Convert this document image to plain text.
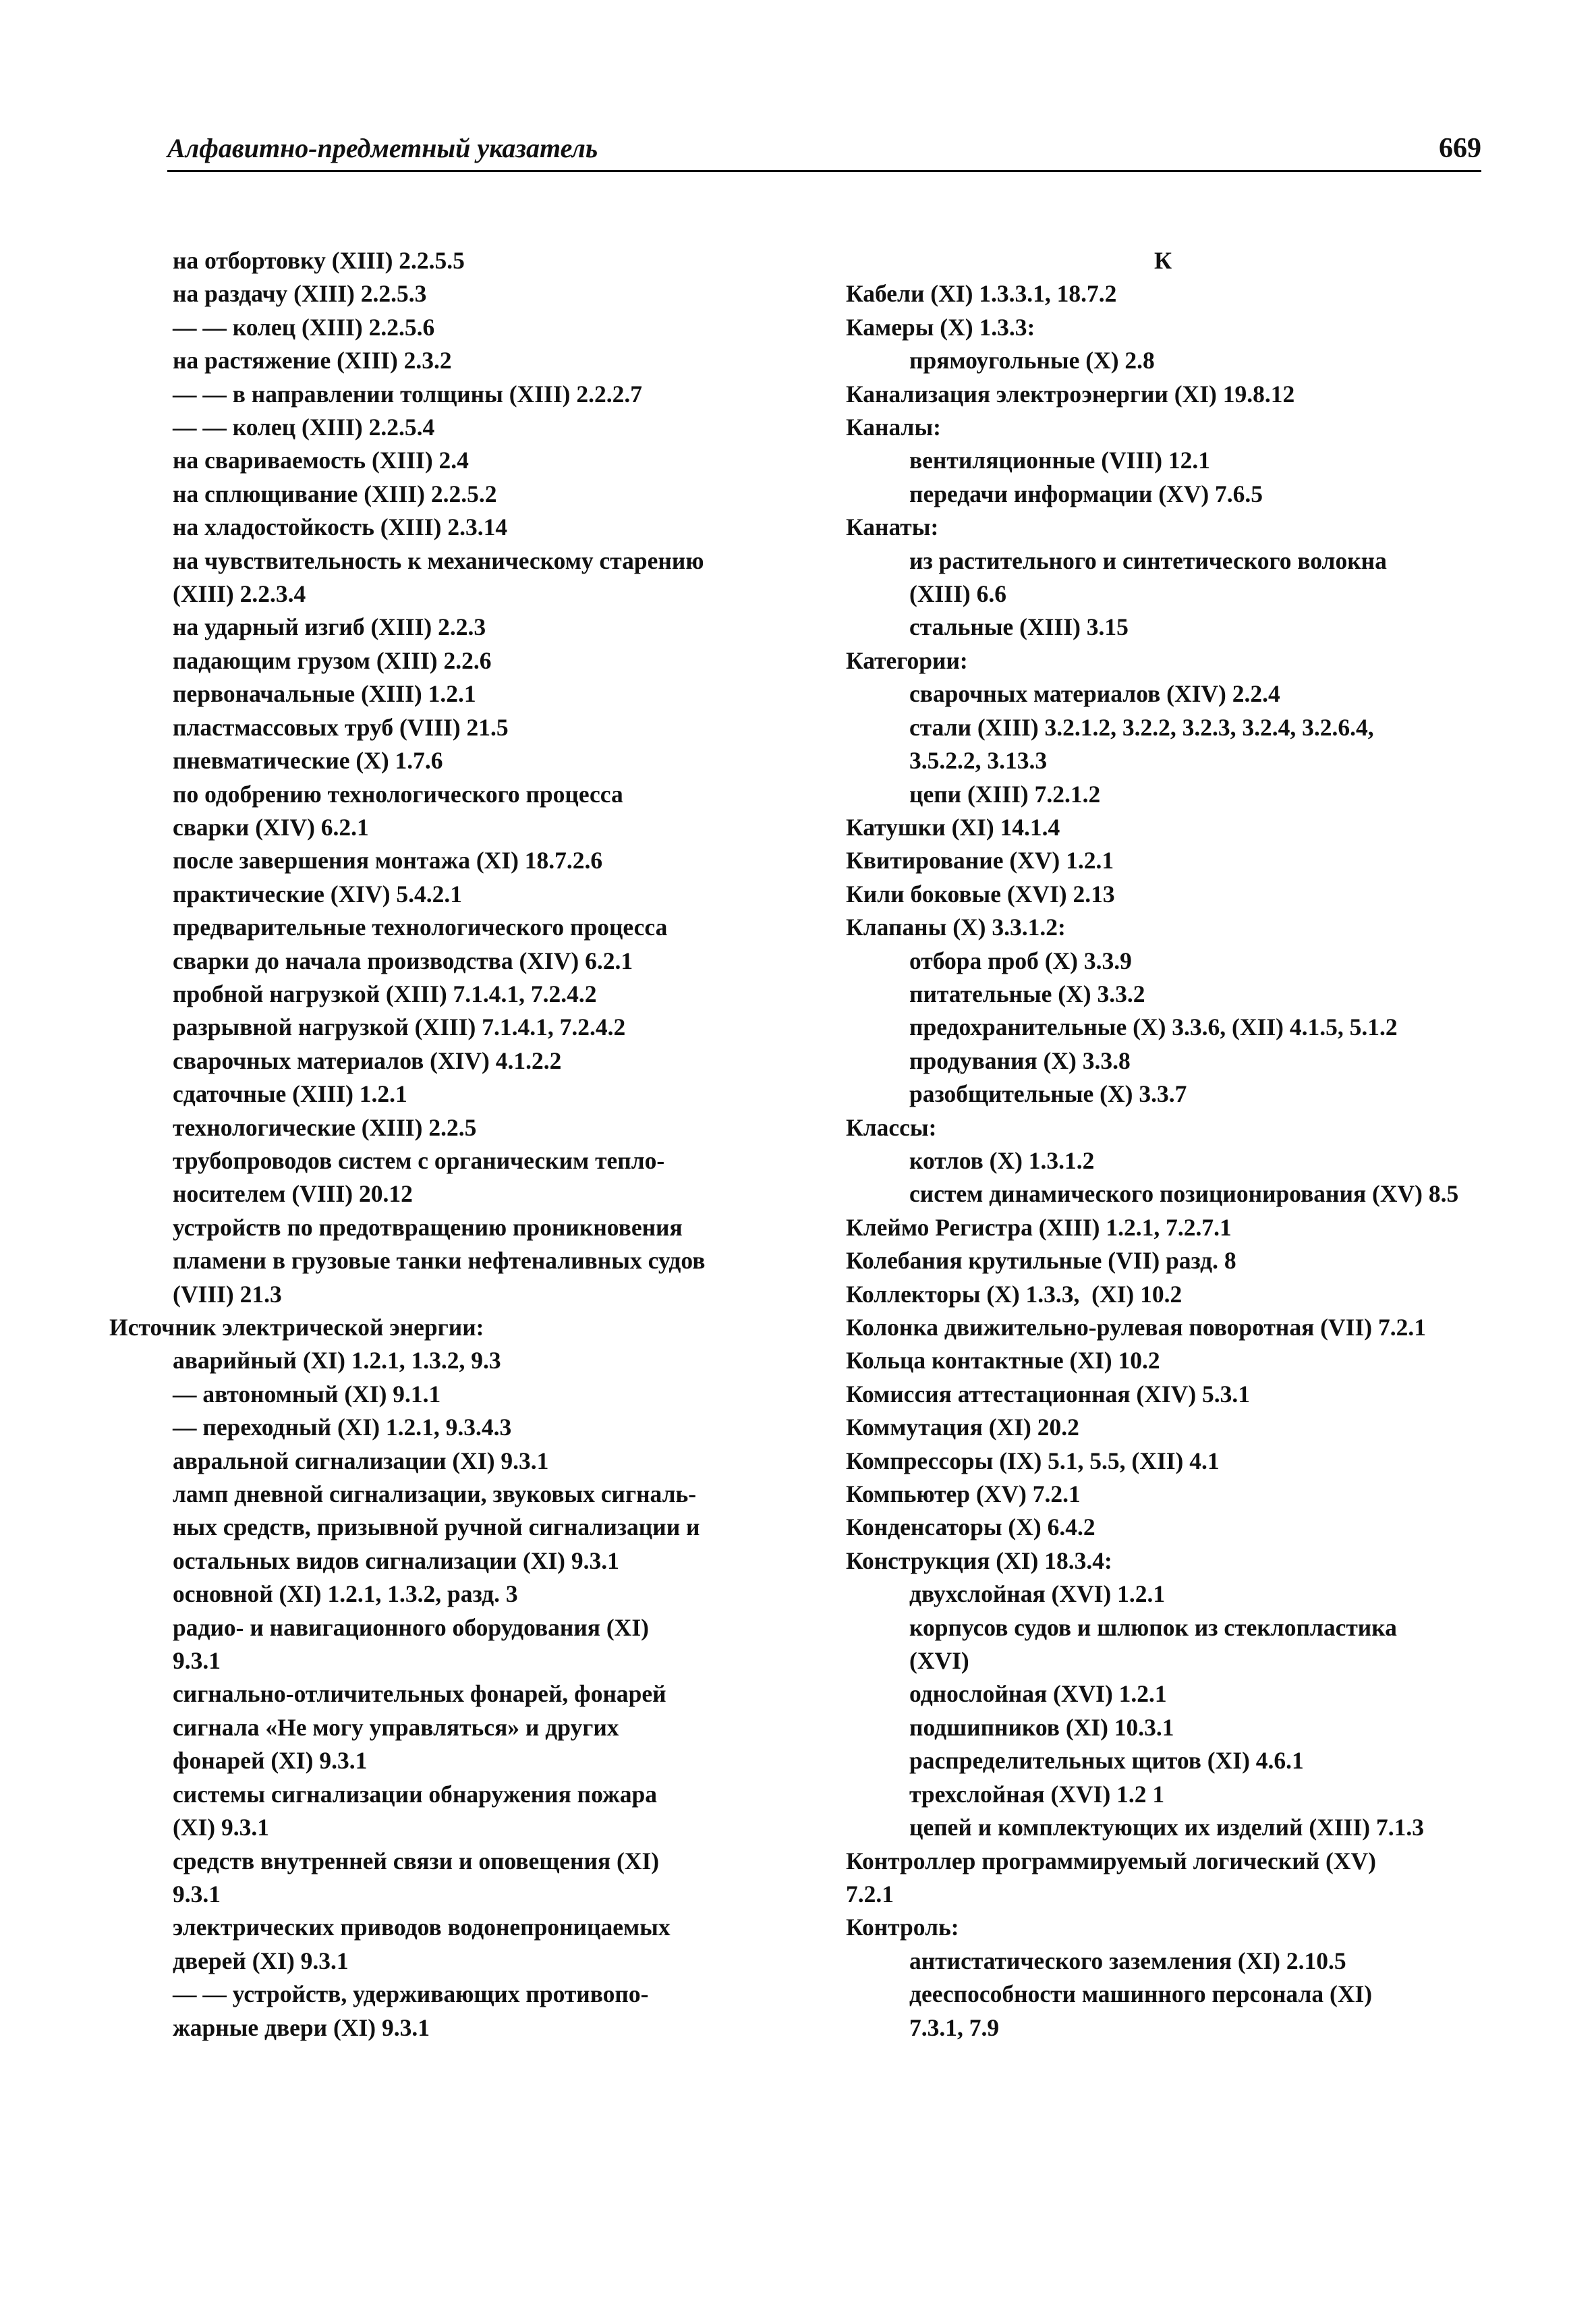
Алфавитно-предметный указатель	669
на отбортовку (XIII) 2.2.5.5
на раздачу (XIII) 2.2.5.3
— — колец (XIII) 2.2.5.6
на растяжение (XIII) 2.3.2
— — в направлении толщины (XIII) 2.2.2.7
— — колец (XIII) 2.2.5.4
на свариваемость (XIII) 2.4
на сплющивание (XIII) 2.2.5.2
на хладостойкость (XIII) 2.3.14
на чувствительность к механическому старению
(XIII) 2.2.3.4
на ударный изгиб (XIII) 2.2.3
падающим грузом (XIII) 2.2.6
первоначальные (XIII) 1.2.1
пластмассовых труб (VIII) 21.5
пневматические (X) 1.7.6
по одобрению технологического процесса
сварки (XIV) 6.2.1
после завершения монтажа (XI) 18.7.2.6
практические (XIV) 5.4.2.1
предварительные технологического процесса
сварки до начала производства (XIV) 6.2.1
пробной нагрузкой (XIII) 7.1.4.1, 7.2.4.2
разрывной нагрузкой (XIII) 7.1.4.1, 7.2.4.2
сварочных материалов (XIV) 4.1.2.2
сдаточные (XIII) 1.2.1
технологические (XIII) 2.2.5
трубопроводов систем с органическим тепло-
носителем (VIII) 20.12
устройств по предотвращению проникновения
пламени в грузовые танки нефтеналивных судов
(VIII) 21.3
Источник электрической энергии:
аварийный (XI) 1.2.1, 1.3.2, 9.3
— автономный (XI) 9.1.1
— переходный (XI) 1.2.1, 9.3.4.3
авральной сигнализации (XI) 9.3.1
ламп дневной сигнализации, звуковых сигналь-
ных средств, призывной ручной сигнализации и
остальных видов сигнализации (XI) 9.3.1
основной (XI) 1.2.1, 1.3.2, разд. 3
радио- и навигационного оборудования (XI)
9.3.1
сигнально-отличительных фонарей, фонарей
сигнала «Не могу управляться» и других
фонарей (XI) 9.3.1
системы сигнализации обнаружения пожара
(XI) 9.3.1
средств внутренней связи и оповещения (XI)
9.3.1
электрических приводов водонепроницаемых
дверей (XI) 9.3.1
— — устройств, удерживающих противопо-
жарные двери (XI) 9.3.1
К
Кабели (XI) 1.3.3.1, 18.7.2
Камеры (X) 1.3.3:
прямоугольные (X) 2.8
Канализация электроэнергии (XI) 19.8.12
Каналы:
вентиляционные (VIII) 12.1
передачи информации (XV) 7.6.5
Канаты:
из растительного и синтетического волокна
(XIII) 6.6
стальные (XIII) 3.15
Категории:
сварочных материалов (XIV) 2.2.4
стали (XIII) 3.2.1.2, 3.2.2, 3.2.3, 3.2.4, 3.2.6.4,
3.5.2.2, 3.13.3
цепи (XIII) 7.2.1.2
Катушки (XI) 14.1.4
Квитирование (XV) 1.2.1
Кили боковые (XVI) 2.13
Клапаны (X) 3.3.1.2:
отбора проб (X) 3.3.9
питательные (X) 3.3.2
предохранительные (X) 3.3.6, (XII) 4.1.5, 5.1.2
продувания (X) 3.3.8
разобщительные (X) 3.3.7
Классы:
котлов (X) 1.3.1.2
систем динамического позиционирования (XV) 8.5
Клеймо Регистра (XIII) 1.2.1, 7.2.7.1
Колебания крутильные (VII) разд. 8
Коллекторы (X) 1.3.3,  (XI) 10.2
Колонка движительно-рулевая поворотная (VII) 7.2.1
Кольца контактные (XI) 10.2
Комиссия аттестационная (XIV) 5.3.1
Коммутация (XI) 20.2
Компрессоры (IX) 5.1, 5.5, (XII) 4.1
Компьютер (XV) 7.2.1
Конденсаторы (X) 6.4.2
Конструкция (XI) 18.3.4:
двухслойная (XVI) 1.2.1
корпусов судов и шлюпок из стеклопластика
(XVI)
однослойная (XVI) 1.2.1
подшипников (XI) 10.3.1
распределительных щитов (XI) 4.6.1
трехслойная (XVI) 1.2 1
цепей и комплектующих их изделий (XIII) 7.1.3
Контроллер программируемый логический (XV)
7.2.1
Контроль:
антистатического заземления (XI) 2.10.5
дееспособности машинного персонала (XI)
7.3.1, 7.9
